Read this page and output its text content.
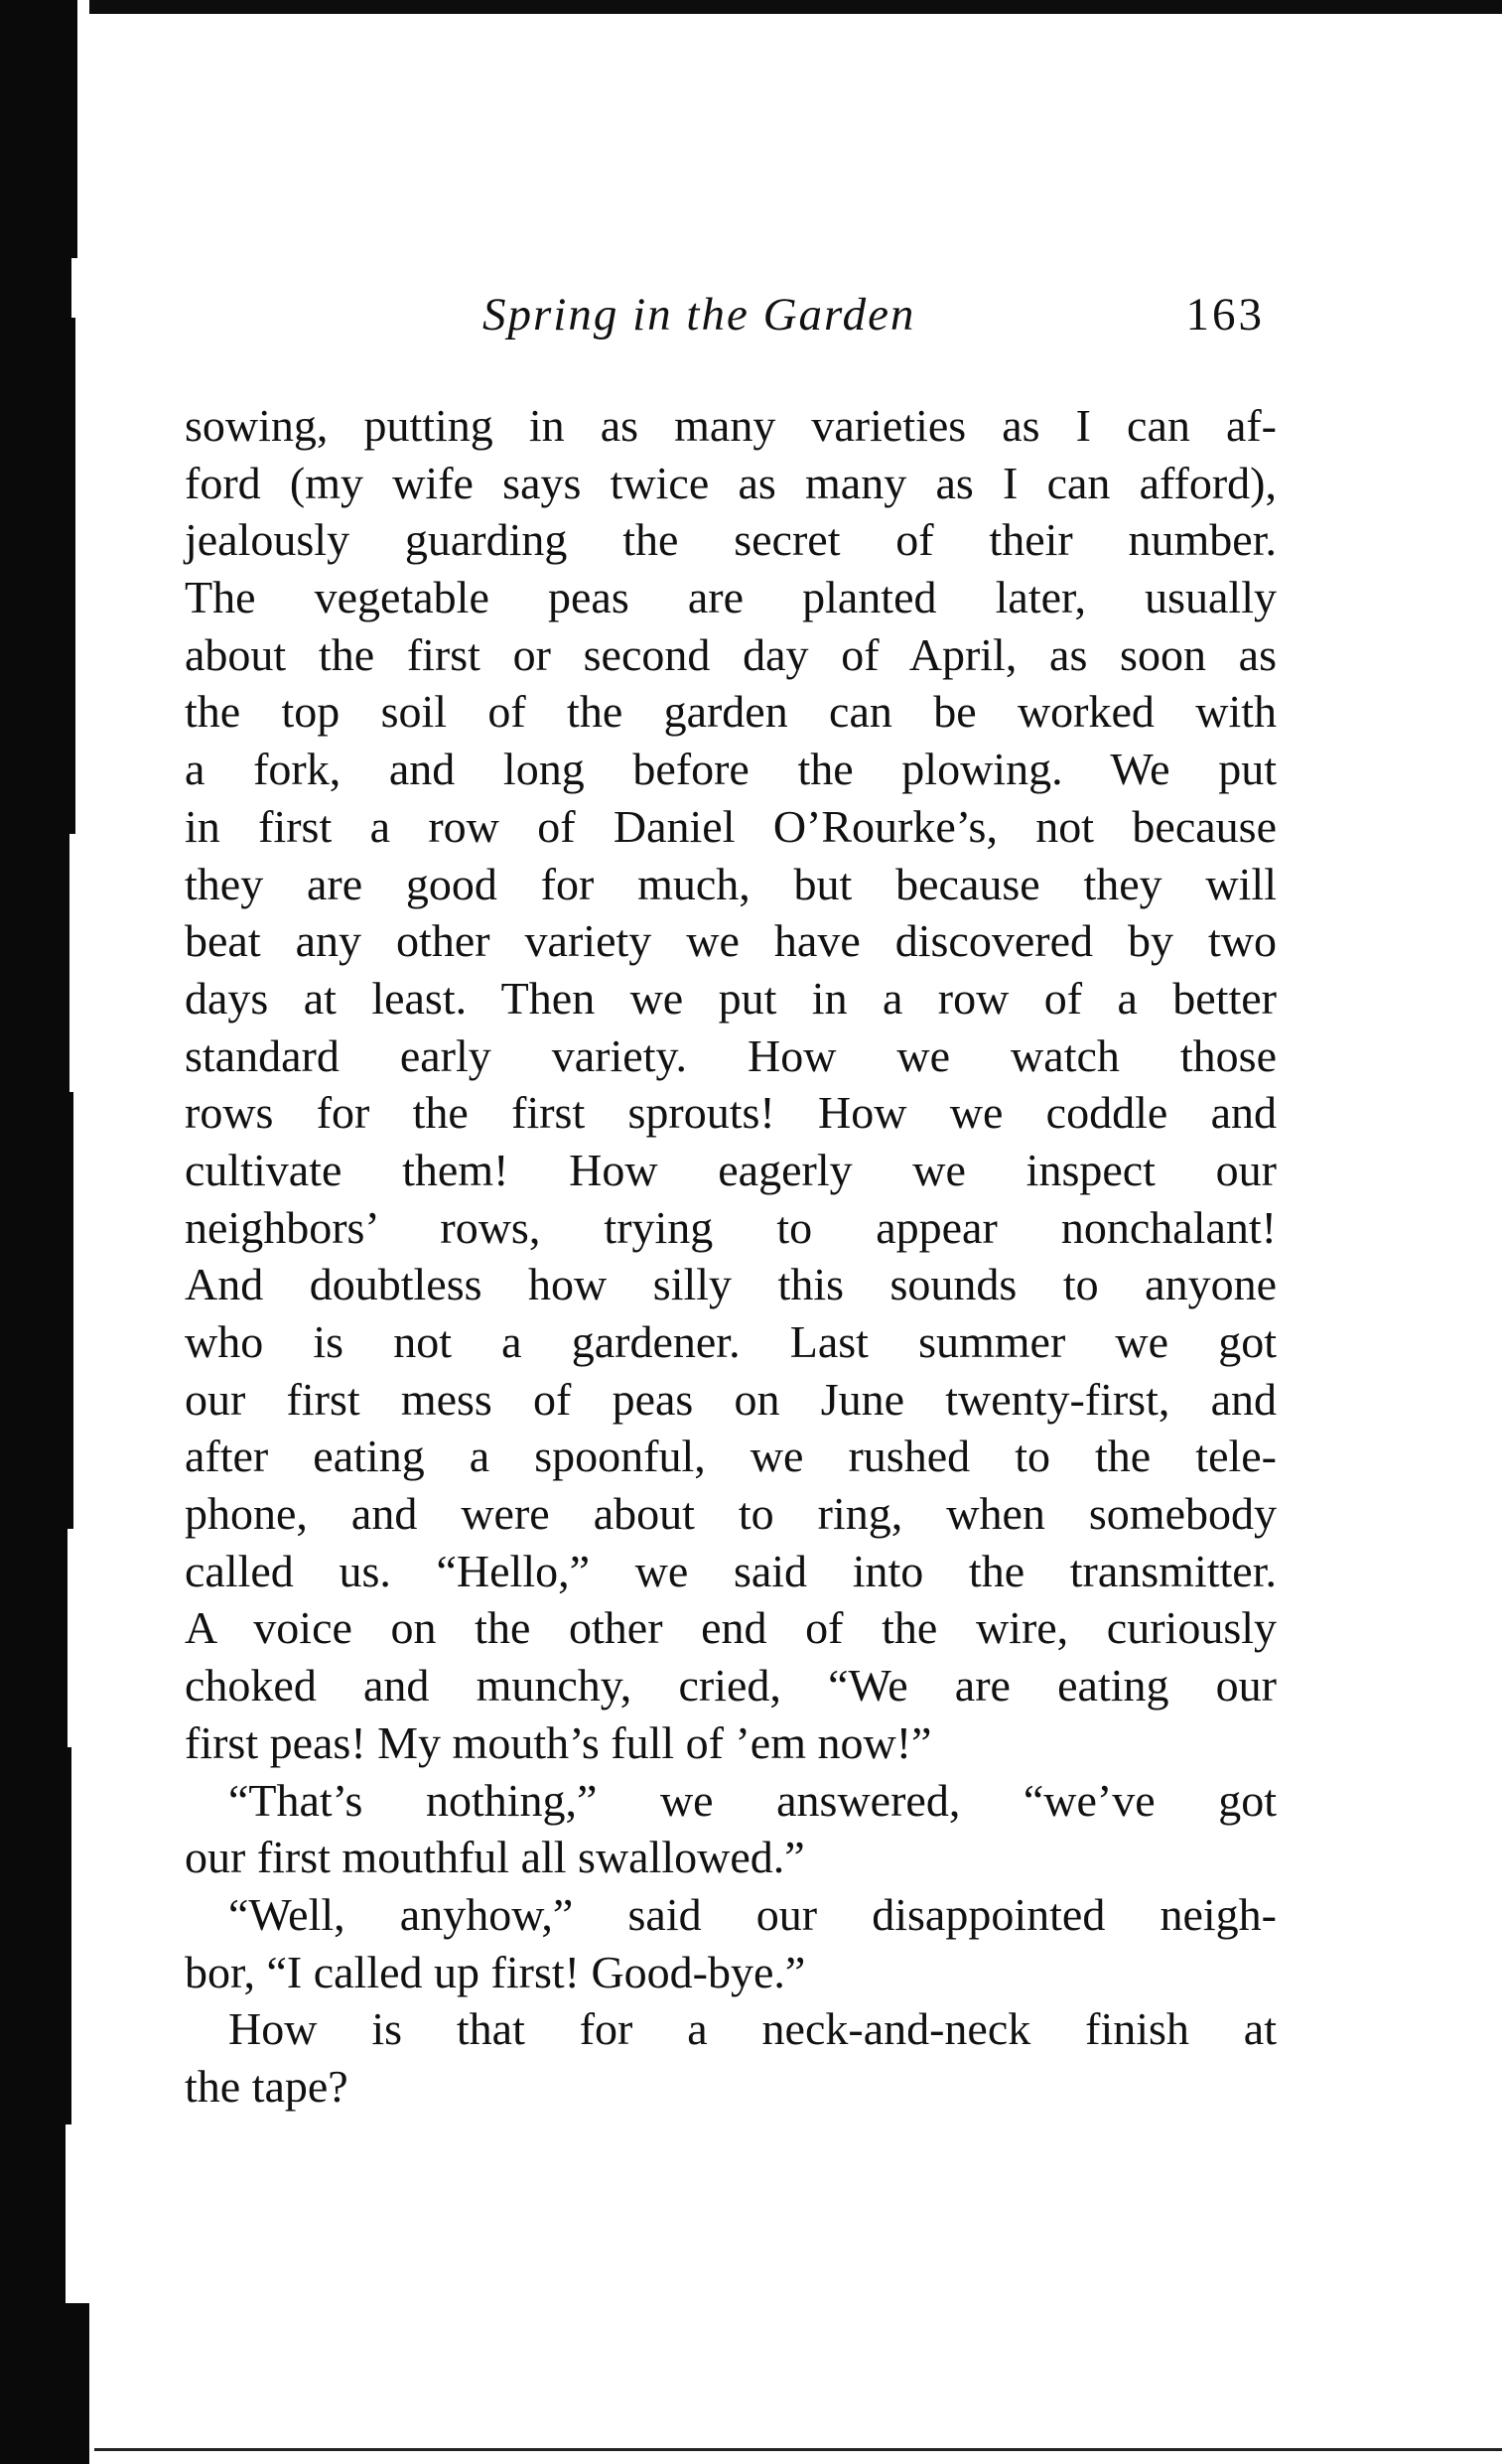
Spring in the Garden	163
sowing, putting in as many varieties as I can af-
ford (my wife says twice as many as I can afford),
jealously guarding the secret of their number.
The vegetable peas are planted later, usually
about the first or second day of April, as soon as
the top soil of the garden can be worked with
a fork, and long before the plowing. We put
in first a row of Daniel O’Rourke’s, not because
they are good for much, but because they will
beat any other variety we have discovered by two
days at least. Then we put in a row of a better
standard early variety. How we watch those
rows for the first sprouts! How we coddle and
cultivate them! How eagerly we inspect our
neighbors’ rows, trying to appear nonchalant!
And doubtless how silly this sounds to anyone
who is not a gardener. Last summer we got
our first mess of peas on June twenty-first, and
after eating a spoonful, we rushed to the tele-
phone, and were about to ring, when somebody
called us. “Hello,” we said into the transmitter.
A voice on the other end of the wire, curiously
choked and munchy, cried, “We are eating our
first peas! My mouth’s full of ’em now!”
“That’s nothing,” we answered, “we’ve got
our first mouthful all swallowed.”
“Well, anyhow,” said our disappointed neigh-
bor, “I called up first! Good-bye.”
How is that for a neck-and-neck finish at
the tape?
